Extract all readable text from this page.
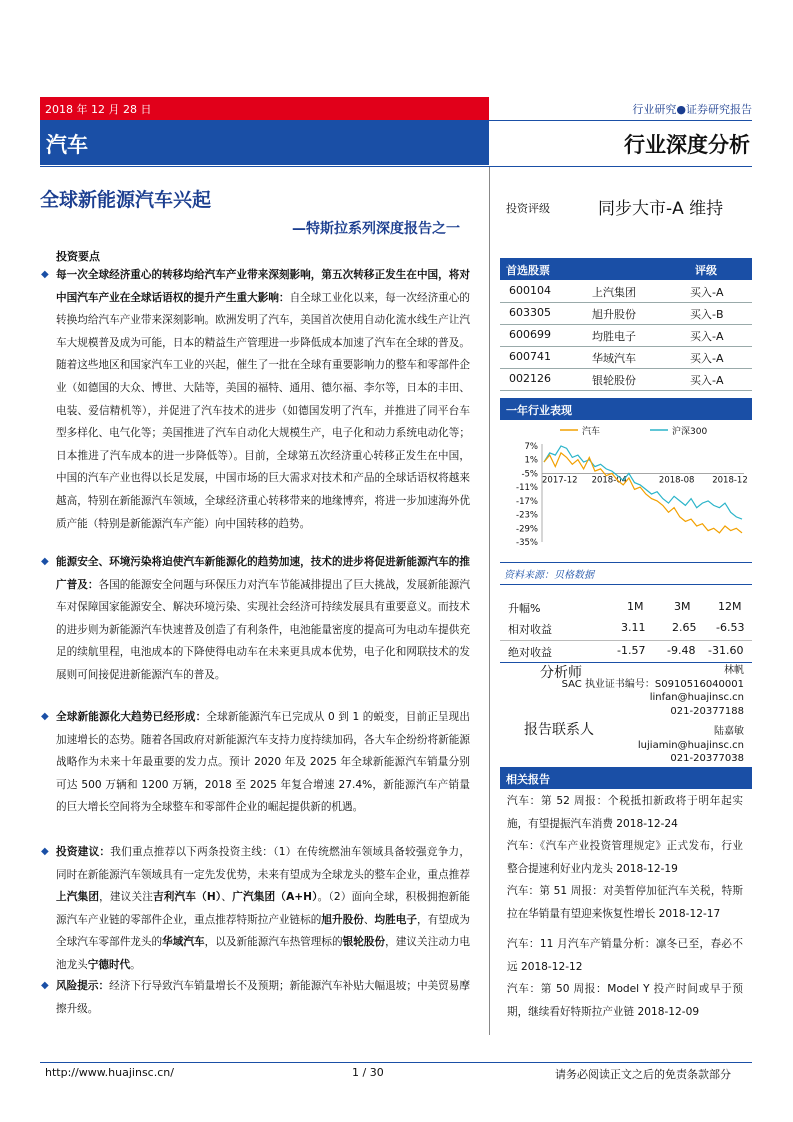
2018 年 12 月 28 日
汽车
行业研究●证券研究报告
行业深度分析
全球新能源汽车兴起
—特斯拉系列深度报告之一
投资要点
◆ 每一次全球经济重心的转移均给汽车产业带来深刻影响，第五次转移正发生在中国，将对中国汽车产业在全球话语权的提升产生重大影响：自全球工业化以来，每一次经济重心的转换均给汽车产业带来深刻影响。欧洲发明了汽车，美国首次使用自动化流水线生产让汽车大规模普及成为可能，日本的精益生产管理进一步降低成本加速了汽车在全球的普及。随着这些地区和国家汽车工业的兴起，催生了一批在全球有重要影响力的整车和零部件企业（如德国的大众、博世、大陆等，美国的福特、通用、德尔福、李尔等，日本的丰田、电装、爱信精机等），并促进了汽车技术的进步（如德国发明了汽车，并推进了同平台车型多样化、电气化等；美国推进了汽车自动化大规模生产，电子化和动力系统电动化等；日本推进了汽车成本的进一步降低等）。目前，全球第五次经济重心转移正发生在中国，中国的汽车产业也得以长足发展，中国市场的巨大需求对技术和产品的全球话语权将越来越高，特别在新能源汽车领域，全球经济重心转移带来的地缘博弈，将进一步加速海外优质产能（特别是新能源汽车产能）向中国转移的趋势。

◆ 能源安全、环境污染将迫使汽车新能源化的趋势加速，技术的进步将促进新能源汽车的推广普及：各国的能源安全问题与环保压力对汽车节能减排提出了巨大挑战，发展新能源汽车对保障国家能源安全、解决环境污染、实现社会经济可持续发展具有重要意义。而技术的进步则为新能源汽车快速普及创造了有利条件，电池能量密度的提高可为电动车提供充足的续航里程，电池成本的下降使得电动车在未来更具成本优势，电子化和网联技术的发展则可间接促进新能源汽车的普及。

◆ 全球新能源化大趋势已经形成：全球新能源汽车已完成从 0 到 1 的蜕变，目前正呈现出加速增长的态势。随着各国政府对新能源汽车支持力度持续加码，各大车企纷纷将新能源战略作为未来十年最重要的发力点。预计 2020 年及 2025 年全球新能源汽车销量分别可达 500 万辆和 1200 万辆，2018 至 2025 年复合增速 27.4%，新能源汽车产销量的巨大增长空间将为全球整车和零部件企业的崛起提供新的机遇。

◆ 投资建议：我们重点推荐以下两条投资主线：（1）在传统燃油车领域具备较强竞争力，同时在新能源汽车领域具有一定先发优势，未来有望成为全球龙头的整车企业，重点推荐上汽集团，建议关注吉利汽车（H）、广汽集团（A+H）。（2）面向全球，积极拥抱新能源汽车产业链的零部件企业，重点推荐特斯拉产业链标的旭升股份、均胜电子，有望成为全球汽车零部件龙头的华域汽车，以及新能源汽车热管理标的银轮股份，建议关注动力电池龙头宁德时代。

◆ 风险提示：经济下行导致汽车销量增长不及预期；新能源汽车补贴大幅退坡；中美贸易摩擦升级。

投资评级	同步大市-A 维持
首选股票	评级
600104	上汽集团	买入-A
603305	旭升股份	买入-B
600699	均胜电子	买入-A
600741	华域汽车	买入-A
002126	银轮股份	买入-A
一年行业表现
汽车	沪深300
7%
1%
-5%
-11%
-17%
-23%
-29%
-35%
2017-12 2018-04	2018-08 2018-12
资料来源：贝格数据
升幅%	1M	3M	12M
相对收益	3.11 2.65 -6.53
绝对收益	-1.57 -9.48 -31.60
分析师	林帆
SAC 执业证书编号：S0910516040001
linfan@huajinsc.cn
021-20377188
报告联系人	陆嘉敏
lujiamin@huajinsc.cn
021-20377038
相关报告

汽车：第 52 周报：个税抵扣新政将于明年起实施，有望提振汽车消费 2018-12-24

汽车：《汽车产业投资管理规定》正式发布，行业整合提速利好业内龙头 2018-12-19

汽车：第 51 周报：对美暂停加征汽车关税，特斯拉在华销量有望迎来恢复性增长 2018-12-17

汽车：11 月汽车产销量分析：凛冬已至，春必不远 2018-12-12

汽车：第 50 周报：Model Y 投产时间或早于预期，继续看好特斯拉产业链 2018-12-09

http://www.huajinsc.cn/	1 / 30	请务必阅读正文之后的免责条款部分
